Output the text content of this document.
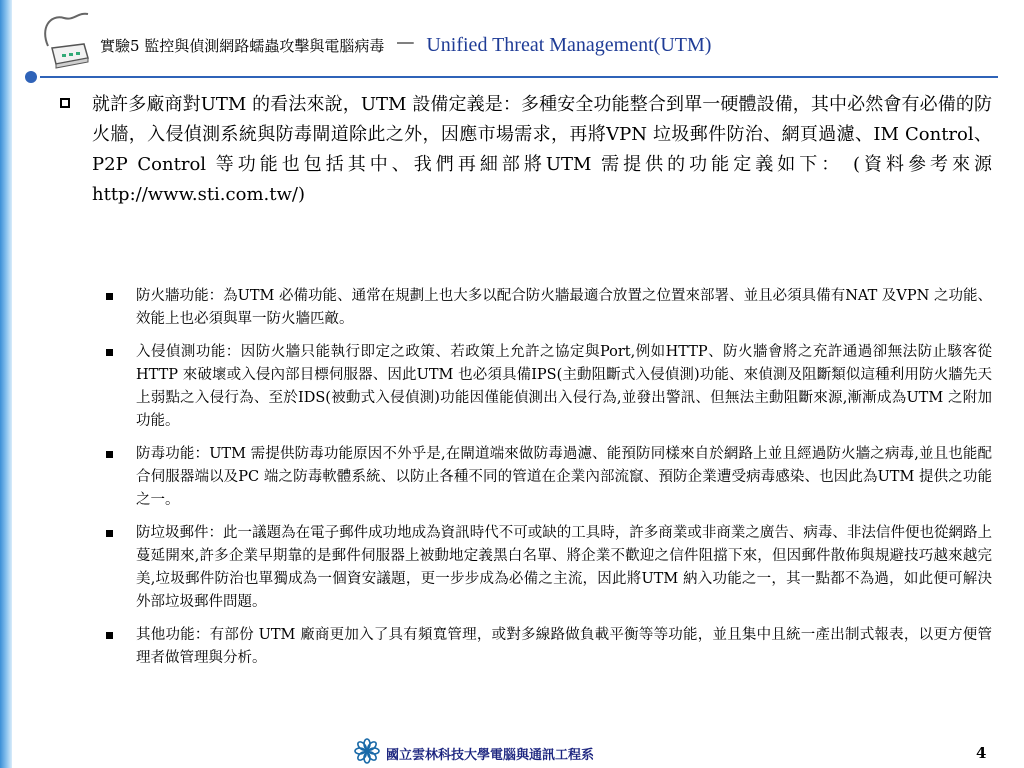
實驗5 監控與偵測網路蠕蟲攻擊與電腦病毒 － Unified Threat Management(UTM)
就許多廠商對UTM 的看法來說，UTM 設備定義是：多種安全功能整合到單一硬體設備，其中必然會有必備的防火牆，入侵偵測系統與防毒閘道除此之外，因應市場需求，再將VPN 垃圾郵件防治、網頁過濾、IM Control、P2P Control 等功能也包括其中、我們再細部將UTM 需提供的功能定義如下： (資料參考來源 http://www.sti.com.tw/)
防火牆功能：為UTM 必備功能、通常在規劃上也大多以配合防火牆最適合放置之位置來部署、並且必須具備有NAT 及VPN 之功能、效能上也必須與單一防火牆匹敵。
入侵偵測功能：因防火牆只能執行即定之政策、若政策上允許之協定與Port,例如HTTP、防火牆會將之充許通過卻無法防止駭客從HTTP 來破壞或入侵內部目標伺服器、因此UTM 也必須具備IPS(主動阻斷式入侵偵測)功能、來偵測及阻斷類似這種利用防火牆先天上弱點之入侵行為、至於IDS(被動式入侵偵測)功能因僅能偵測出入侵行為,並發出警訊、但無法主動阻斷來源,漸漸成為UTM 之附加功能。
防毒功能：UTM 需提供防毒功能原因不外乎是,在閘道端來做防毒過濾、能預防同樣來自於網路上並且經過防火牆之病毒,並且也能配合伺服器端以及PC 端之防毒軟體系統、以防止各種不同的管道在企業內部流竄、預防企業遭受病毒感染、也因此為UTM 提供之功能之一。
防垃圾郵件：此一議題為在電子郵件成功地成為資訊時代不可或缺的工具時，許多商業或非商業之廣告、病毒、非法信件便也從網路上蔓延開來,許多企業早期靠的是郵件伺服器上被動地定義黑白名單、將企業不歡迎之信件阻擋下來，但因郵件散佈與規避技巧越來越完美,垃圾郵件防治也單獨成為一個資安議題，更一步步成為必備之主流，因此將UTM 納入功能之一，其一點都不為過，如此便可解決外部垃圾郵件問題。
其他功能：有部份 UTM 廠商更加入了具有頻寬管理，或對多線路做負載平衡等等功能，並且集中且統一產出制式報表，以更方便管理者做管理與分析。
國立雲林科技大學電腦與通訊工程系	4
